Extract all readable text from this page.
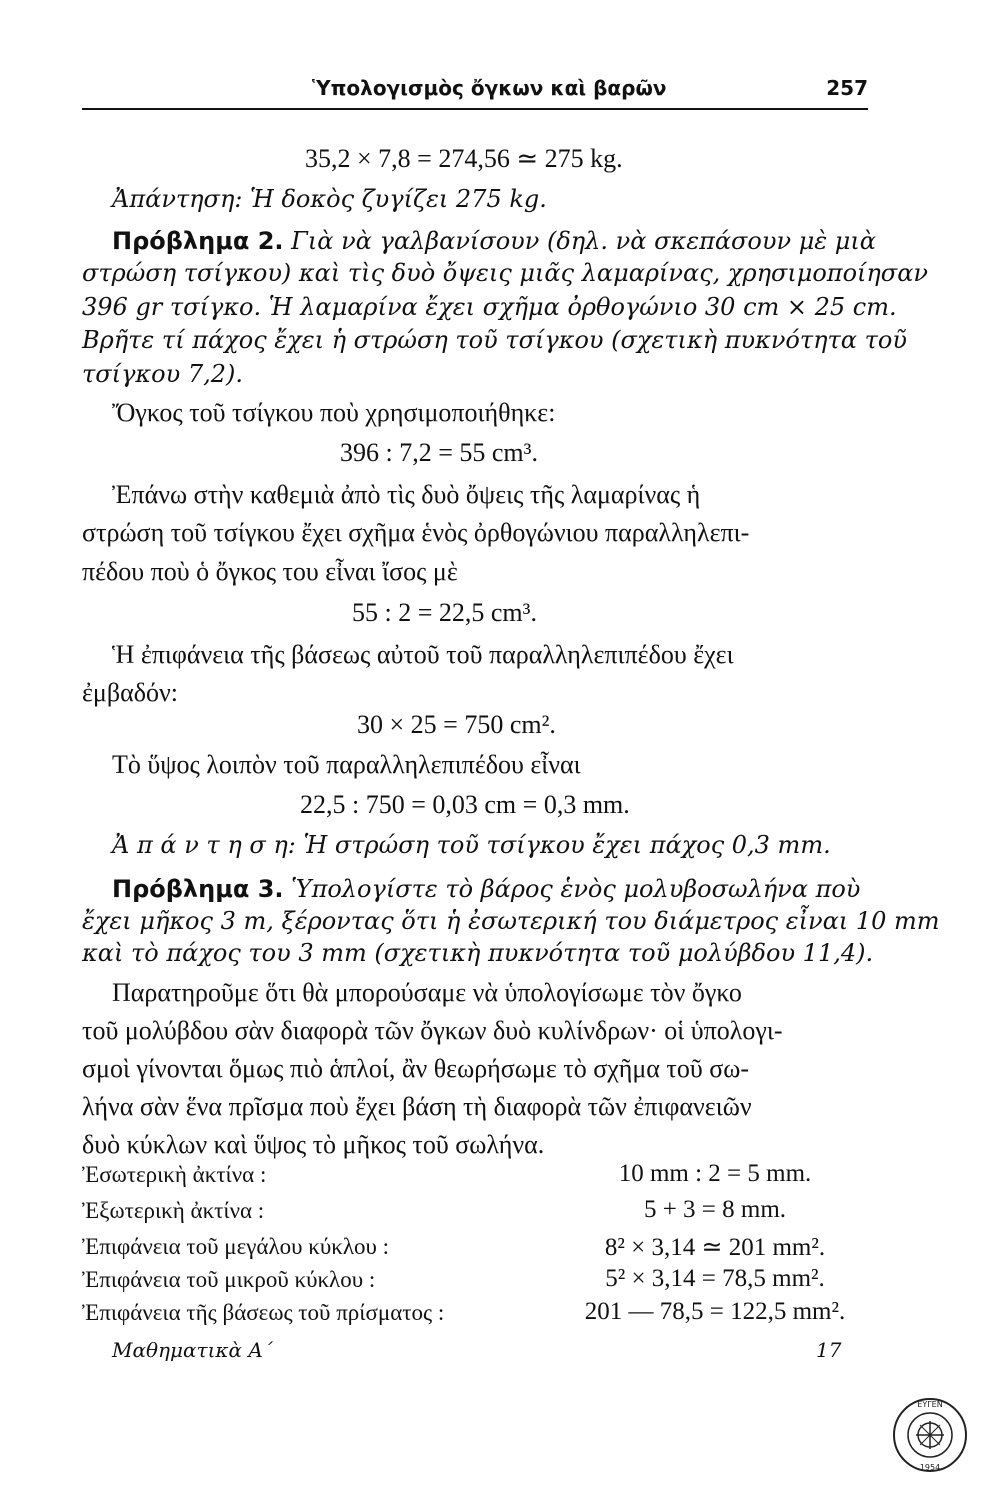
Ὑπολογισμὸς ὄγκων καὶ βαρῶν	257
35,2 × 7,8 = 274,56 ≃ 275 kg.
Ἀπάντηση: Ἡ δοκὸς ζυγίζει 275 kg.
Πρόβλημα 2. Γιὰ νὰ γαλβανίσουν (δηλ. νὰ σκεπάσουν μὲ μιὰ
στρώση τσίγκου) καὶ τὶς δυὸ ὄψεις μιᾶς λαμαρίνας, χρησιμοποίησαν
396 gr τσίγκο. Ἡ λαμαρίνα ἔχει σχῆμα ὀρθογώνιο 30 cm × 25 cm.
Βρῆτε τί πάχος ἔχει ἡ στρώση τοῦ τσίγκου (σχετικὴ πυκνότητα τοῦ
τσίγκου 7,2).
Ὄγκος τοῦ τσίγκου ποὺ χρησιμοποιήθηκε:
396 : 7,2 = 55 cm³.
Ἐπάνω στὴν καθεμιὰ ἀπὸ τὶς δυὸ ὄψεις τῆς λαμαρίνας ἡ
στρώση τοῦ τσίγκου ἔχει σχῆμα ἑνὸς ὀρθογώνιου παραλληλεπι-
πέδου ποὺ ὁ ὄγκος του εἶναι ἴσος μὲ
55 : 2 = 22,5 cm³.
Ἡ ἐπιφάνεια τῆς βάσεως αὐτοῦ τοῦ παραλληλεπιπέδου ἔχει
ἐμβαδόν:
30 × 25 = 750 cm².
Τὸ ὕψος λοιπὸν τοῦ παραλληλεπιπέδου εἶναι
22,5 : 750 = 0,03 cm = 0,3 mm.
Ἀ π ά ν τ η σ η: Ἡ στρώση τοῦ τσίγκου ἔχει πάχος 0,3 mm.
Πρόβλημα 3. Ὑπολογίστε τὸ βάρος ἑνὸς μολυβοσωλήνα ποὺ
ἔχει μῆκος 3 m, ξέροντας ὅτι ἡ ἐσωτερική του διάμετρος εἶναι 10 mm
καὶ τὸ πάχος του 3 mm (σχετικὴ πυκνότητα τοῦ μολύβδου 11,4).
Παρατηροῦμε ὅτι θὰ μπορούσαμε νὰ ὑπολογίσωμε τὸν ὄγκο
τοῦ μολύβδου σὰν διαφορὰ τῶν ὄγκων δυὸ κυλίνδρων· οἱ ὑπολογι-
σμοὶ γίνονται ὅμως πιὸ ἁπλοί, ἂν θεωρήσωμε τὸ σχῆμα τοῦ σω-
λήνα σὰν ἕνα πρῖσμα ποὺ ἔχει βάση τὴ διαφορὰ τῶν ἐπιφανειῶν
δυὸ κύκλων καὶ ὕψος τὸ μῆκος τοῦ σωλήνα.
Ἐσωτερικὴ ἀκτίνα :	10 mm : 2 = 5 mm.
Ἐξωτερικὴ ἀκτίνα :	5 + 3 = 8 mm.
Ἐπιφάνεια τοῦ μεγάλου κύκλου :	8² × 3,14 ≃ 201 mm².
Ἐπιφάνεια τοῦ μικροῦ κύκλου :	5² × 3,14 = 78,5 mm².
Ἐπιφάνεια τῆς βάσεως τοῦ πρίσματος :	201 — 78,5 = 122,5 mm².
Μαθηματικὰ Α΄	17
ΕΥΓΕΝ
1954
